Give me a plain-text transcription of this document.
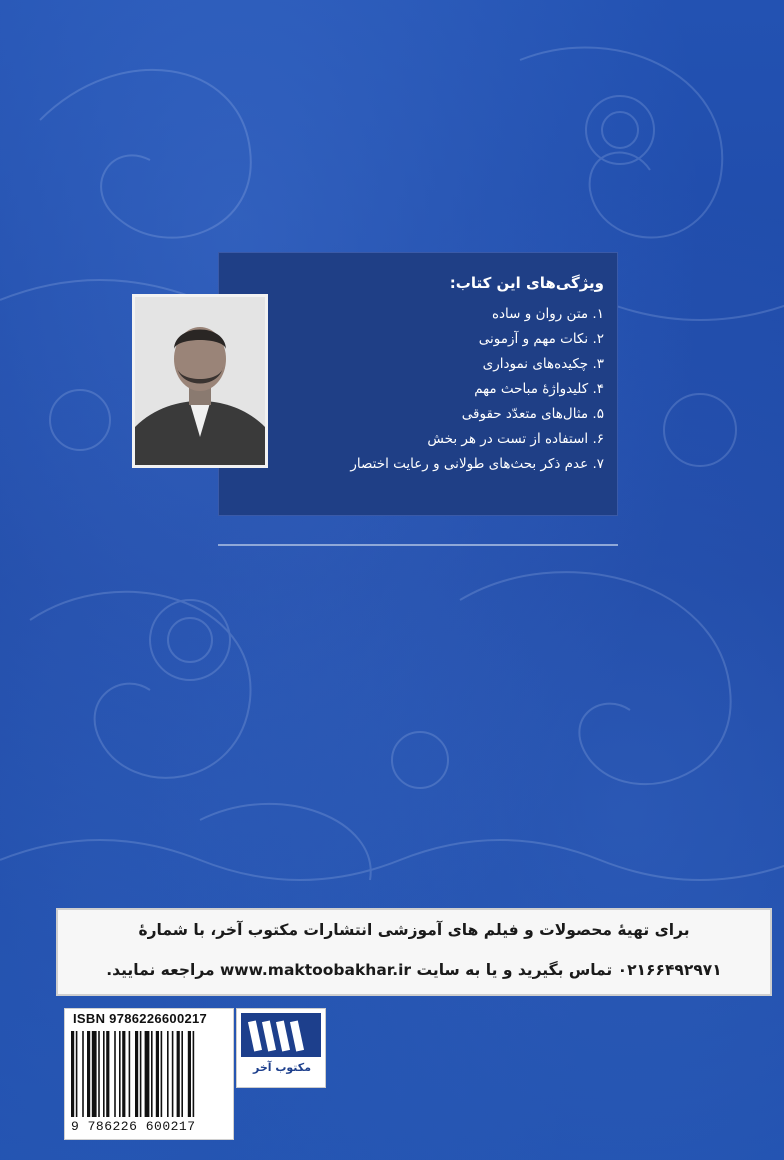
ویژگی‌های این کتاب:
۱. متن روان و ساده
۲. نکات مهم و آزمونی
۳. چکیده‌های نموداری
۴. کلیدواژهٔ مباحث مهم
۵. مثال‌های متعدّد حقوقی
۶. استفاده از تست در هر بخش
۷. عدم ذکر بحث‌های طولانی و رعایت اختصار
برای تهیهٔ محصولات و فیلم های آموزشی انتشارات مکتوب آخر، با شمارهٔ
۰۲۱۶۶۴۹۲۹۷۱ تماس بگیرید و یا به سایت www.maktoobakhar.ir مراجعه نمایید.
ISBN 9786226600217
9 786226 600217
مکتوب آخر
